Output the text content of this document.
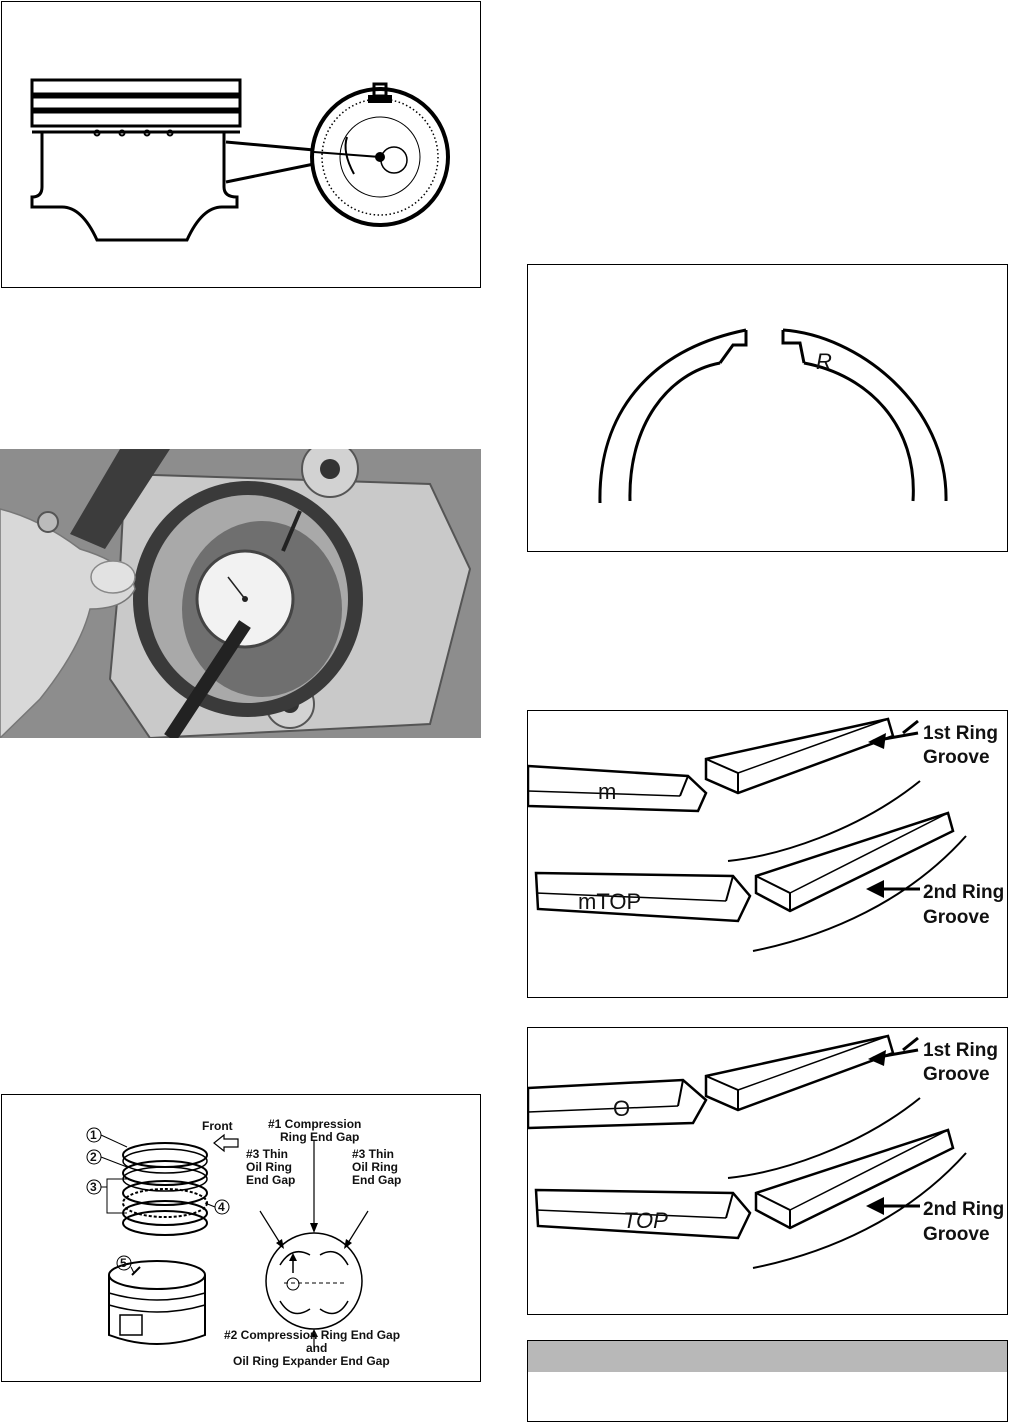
R
m
mTOP
1st Ring
Groove
2nd Ring
Groove
O
TOP
1st Ring
Groove
2nd Ring
Groove
1
2
3
4
5
Front	#1 Compression
Ring End Gap
#3 Thin
Oil Ring
End Gap
#3 Thin
Oil Ring
End Gap
#2 Compression Ring End Gap
and
Oil Ring Expander End Gap
